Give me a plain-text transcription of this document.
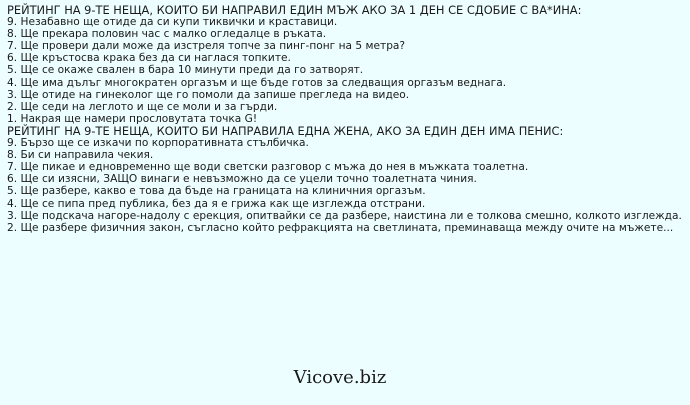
РЕЙТИНГ НА 9-ТЕ НЕЩА, КОИТО БИ НАПРАВИЛ ЕДИН МЪЖ АКО ЗА 1 ДЕН СЕ СДОБИЕ С ВА*ИНА:
9. Незабавно ще отиде да си купи тиквички и краставици.
8. Ще прекара половин час с малко огледалце в ръката.
7. Ще провери дали може да изстреля топче за пинг-понг на 5 метра?
6. Ще кръстосва крака без да си наглася топките.
5. Ще се окаже свален в бара 10 минути преди да го затворят.
4. Ще има дълъг многократен оргазъм и ще бъде готов за следващия оргазъм веднага.
3. Ще отиде на гинеколог ще го помоли да запише прегледа на видео.
2. Ще седи на леглото и ще се моли и за гърди.
1. Накрая ще намери прословутата точка G!
РЕЙТИНГ НА 9-ТЕ НЕЩА, КОИТО БИ НАПРАВИЛА ЕДНА ЖЕНА, АКО ЗА ЕДИН ДЕН ИМА ПЕНИС:
9. Бързо ще се изкачи по корпоративната стълбичка.
8. Би си направила чекия.
7. Ще пикае и едновременно ще води светски разговор с мъжа до нея в мъжката тоалетна.
6. Ще си изясни, ЗАЩО винаги е невъзможно да се уцели точно тоалетната чиния.
5. Ще разбере, какво е това да бъде на границата на клиничния оргазъм.
4. Ще се пипа пред публика, без да я е грижа как ще изглежда отстрани.
3. Ще подскача нагоре-надолу с ерекция, опитвайки се да разбере, наистина ли е толкова смешно, колкото изглежда.
2. Ще разбере физичния закон, съгласно който рефракцията на светлината, преминаваща между очите на мъжете...
Vicove.biz
